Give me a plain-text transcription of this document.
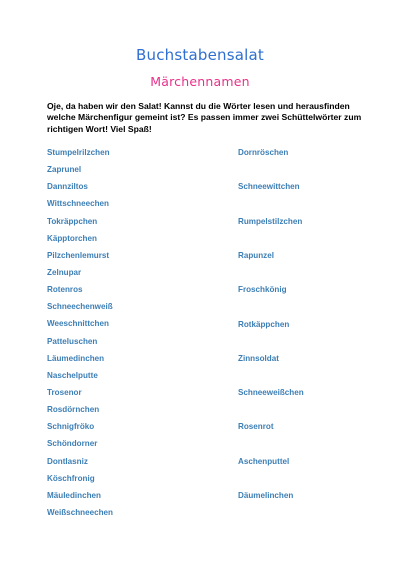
Buchstabensalat
Märchennamen
Oje, da haben wir den Salat! Kannst du die Wörter lesen und herausfinden welche Märchenfigur gemeint ist? Es passen immer zwei Schüttelwörter zum richtigen Wort! Viel Spaß!
Stumpelrilzchen
Zaprunel
Dannziltos
Wittschneechen
Tokräppchen
Käpptorchen
Pilzchenlemurst
Zelnupar
Rotenros
Schneechenweiß
Weeschnittchen
Patteluschen
Läumedinchen
Naschelputte
Trosenor
Rosdörnchen
Schnigfröko
Schöndorner
Dontlasniz
Köschfronig
Mäuledinchen
Weißschneechen
Dornröschen
Schneewittchen
Rumpelstilzchen
Rapunzel
Froschkönig
Rotkäppchen
Zinnsoldat
Schneeweißchen
Rosenrot
Aschenputtel
Däumelinchen
